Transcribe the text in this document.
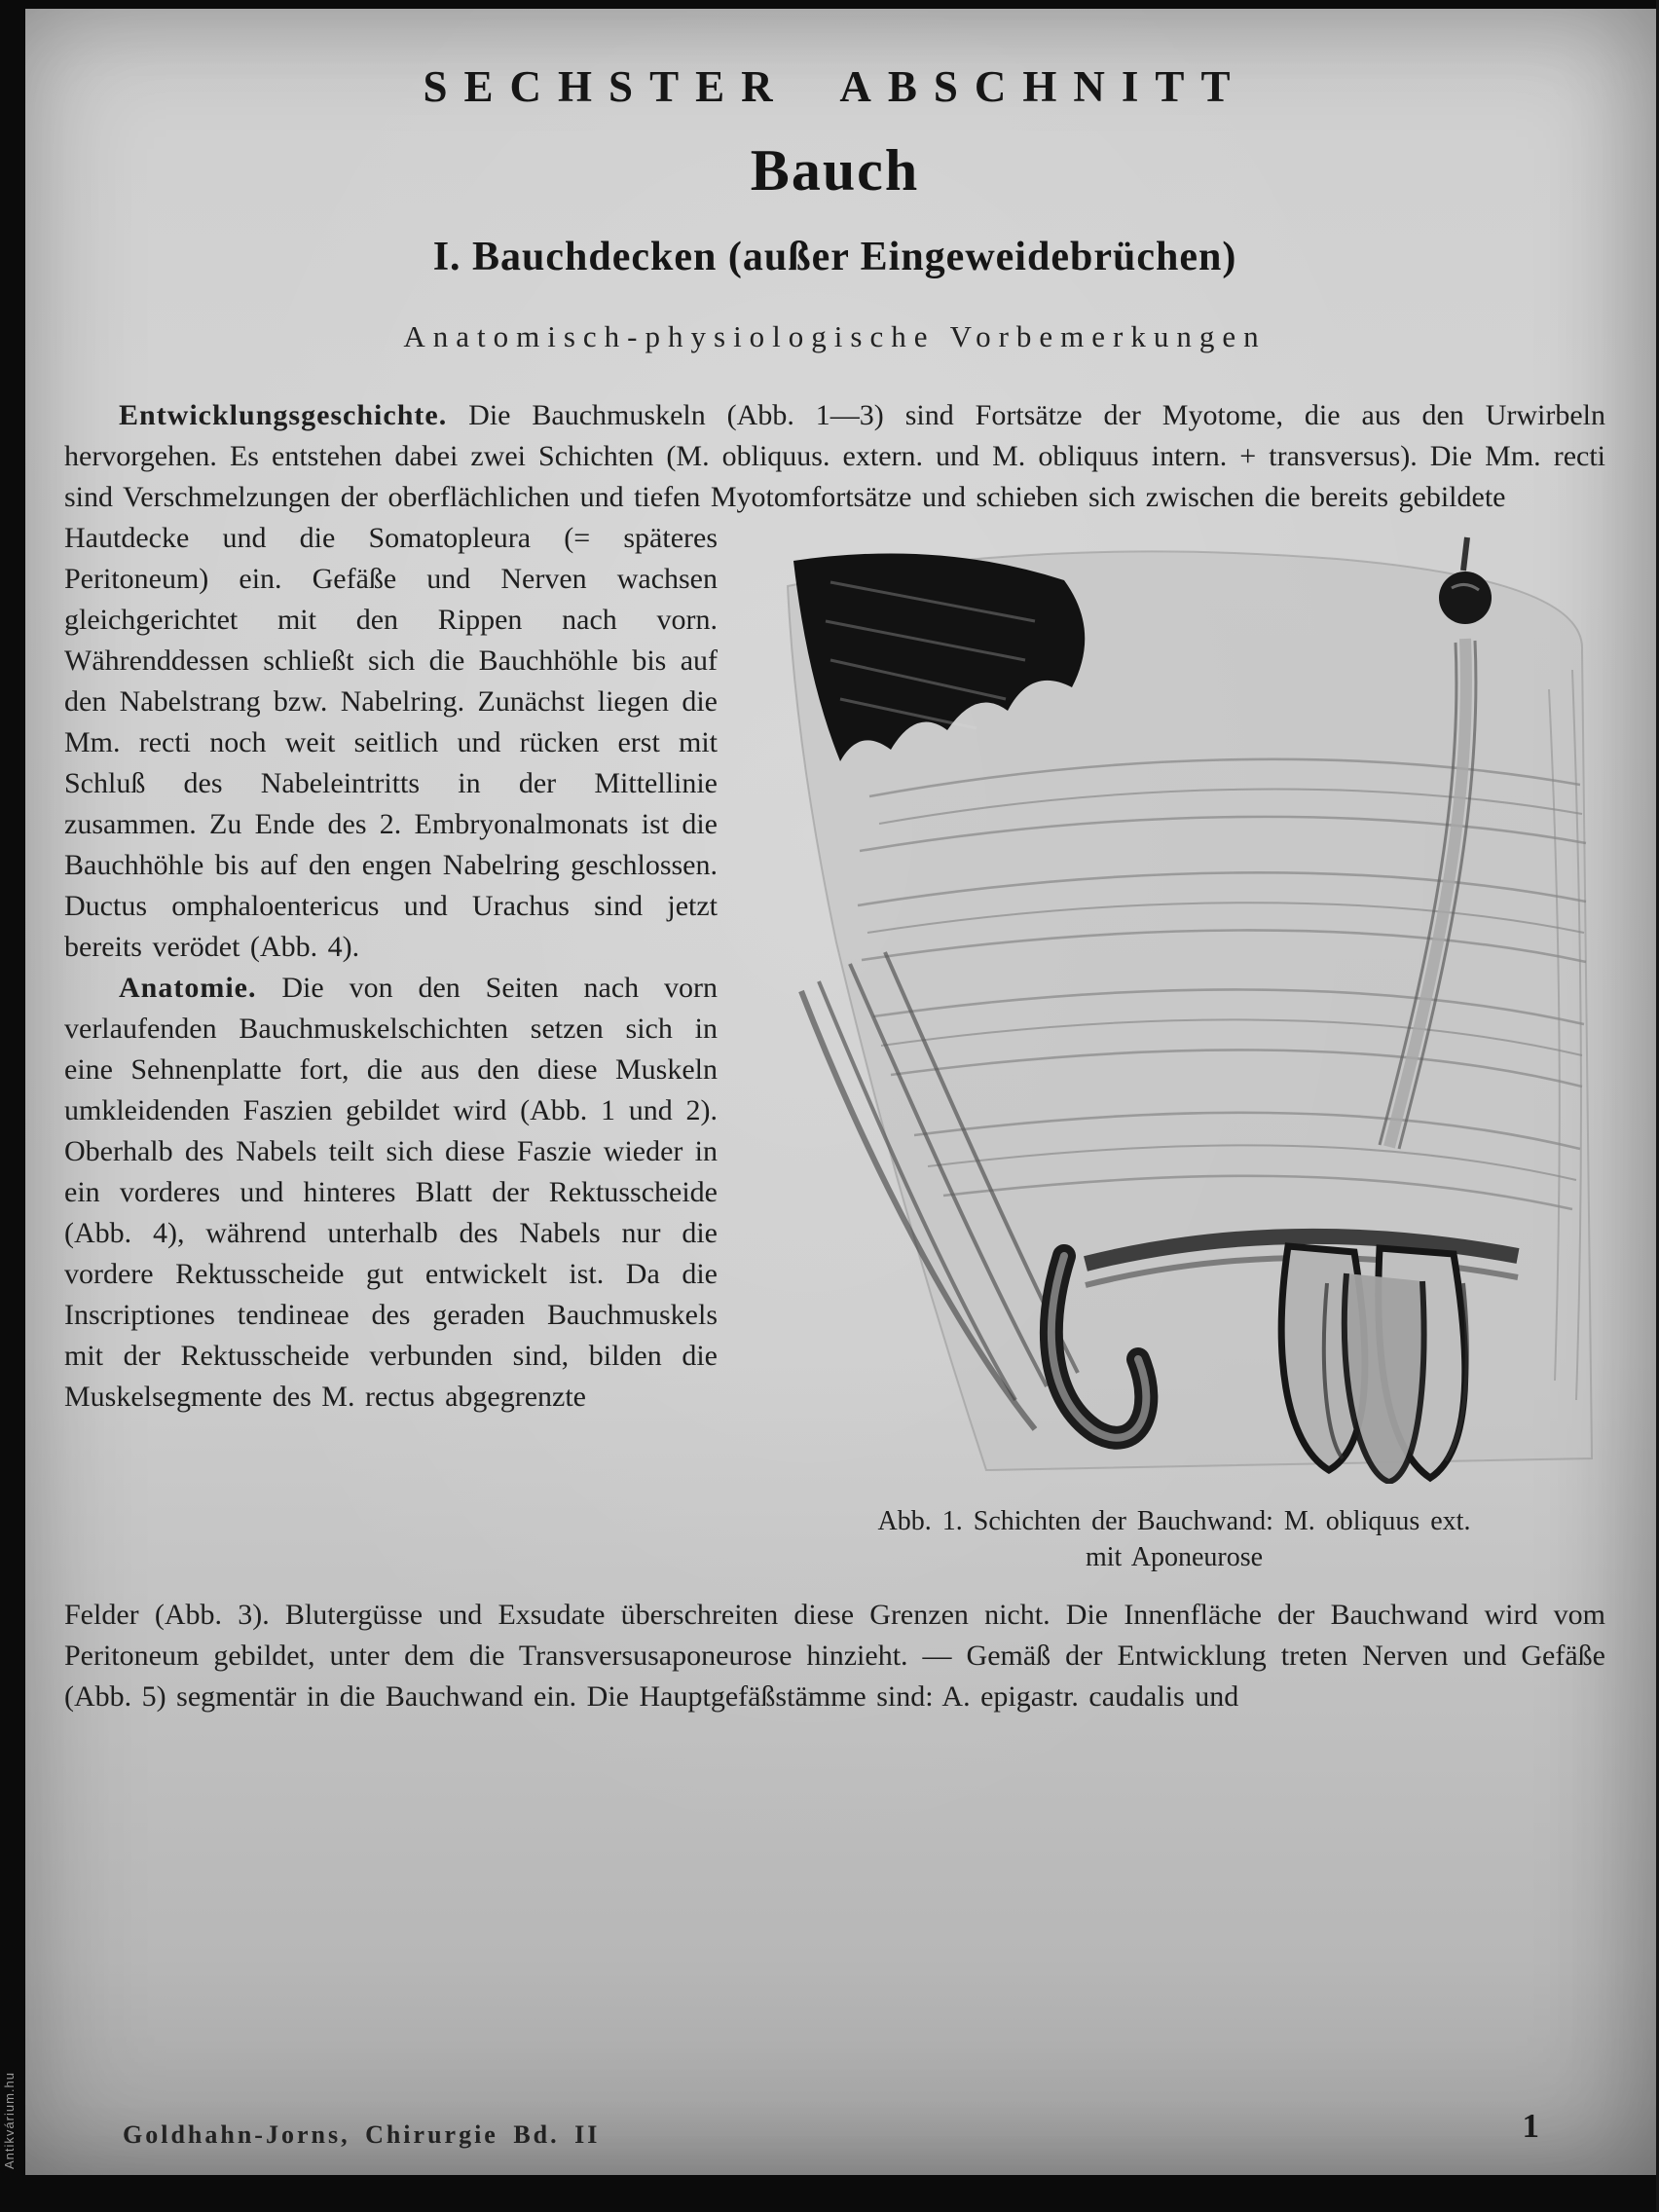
Antikvárium.hu
SECHSTER ABSCHNITT
Bauch
I. Bauchdecken (außer Eingeweidebrüchen)
Anatomisch-physiologische Vorbemerkungen

Entwicklungsgeschichte. Die Bauchmuskeln (Abb. 1—3) sind Fortsätze der Myotome, die aus den Urwirbeln hervorgehen. Es entstehen dabei zwei Schichten (M. obliquus. extern. und M. obliquus intern. + transversus). Die Mm. recti sind Verschmelzungen der oberflächlichen und tiefen Myotomfortsätze und schieben sich zwischen die bereits gebildete

Abb. 1. Schichten der Bauchwand: M. obliquus ext. mit Aponeurose

Hautdecke und die Somatopleura (= späteres Peritoneum) ein. Gefäße und Nerven wachsen gleichgerichtet mit den Rippen nach vorn. Währenddessen schließt sich die Bauchhöhle bis auf den Nabelstrang bzw. Nabelring. Zunächst liegen die Mm. recti noch weit seitlich und rücken erst mit Schluß des Nabeleintritts in der Mittellinie zusammen. Zu Ende des 2. Embryonalmonats ist die Bauchhöhle bis auf den engen Nabelring geschlossen. Ductus omphaloentericus und Urachus sind jetzt bereits verödet (Abb. 4).

Anatomie. Die von den Seiten nach vorn verlaufenden Bauchmuskelschichten setzen sich in eine Sehnenplatte fort, die aus den diese Muskeln umkleidenden Faszien gebildet wird (Abb. 1 und 2). Oberhalb des Nabels teilt sich diese Faszie wieder in ein vorderes und hinteres Blatt der Rektusscheide (Abb. 4), während unterhalb des Nabels nur die vordere Rektusscheide gut entwickelt ist. Da die Inscriptiones tendineae des geraden Bauchmuskels mit der Rektusscheide verbunden sind, bilden die Muskelsegmente des M. rectus abgegrenzte

Felder (Abb. 3). Blutergüsse und Exsudate überschreiten diese Grenzen nicht. Die Innenfläche der Bauchwand wird vom Peritoneum gebildet, unter dem die Transversusaponeurose hinzieht. — Gemäß der Entwicklung treten Nerven und Gefäße (Abb. 5) segmentär in die Bauchwand ein. Die Hauptgefäßstämme sind: A. epigastr. caudalis und

Goldhahn-Jorns, Chirurgie Bd. II	1
